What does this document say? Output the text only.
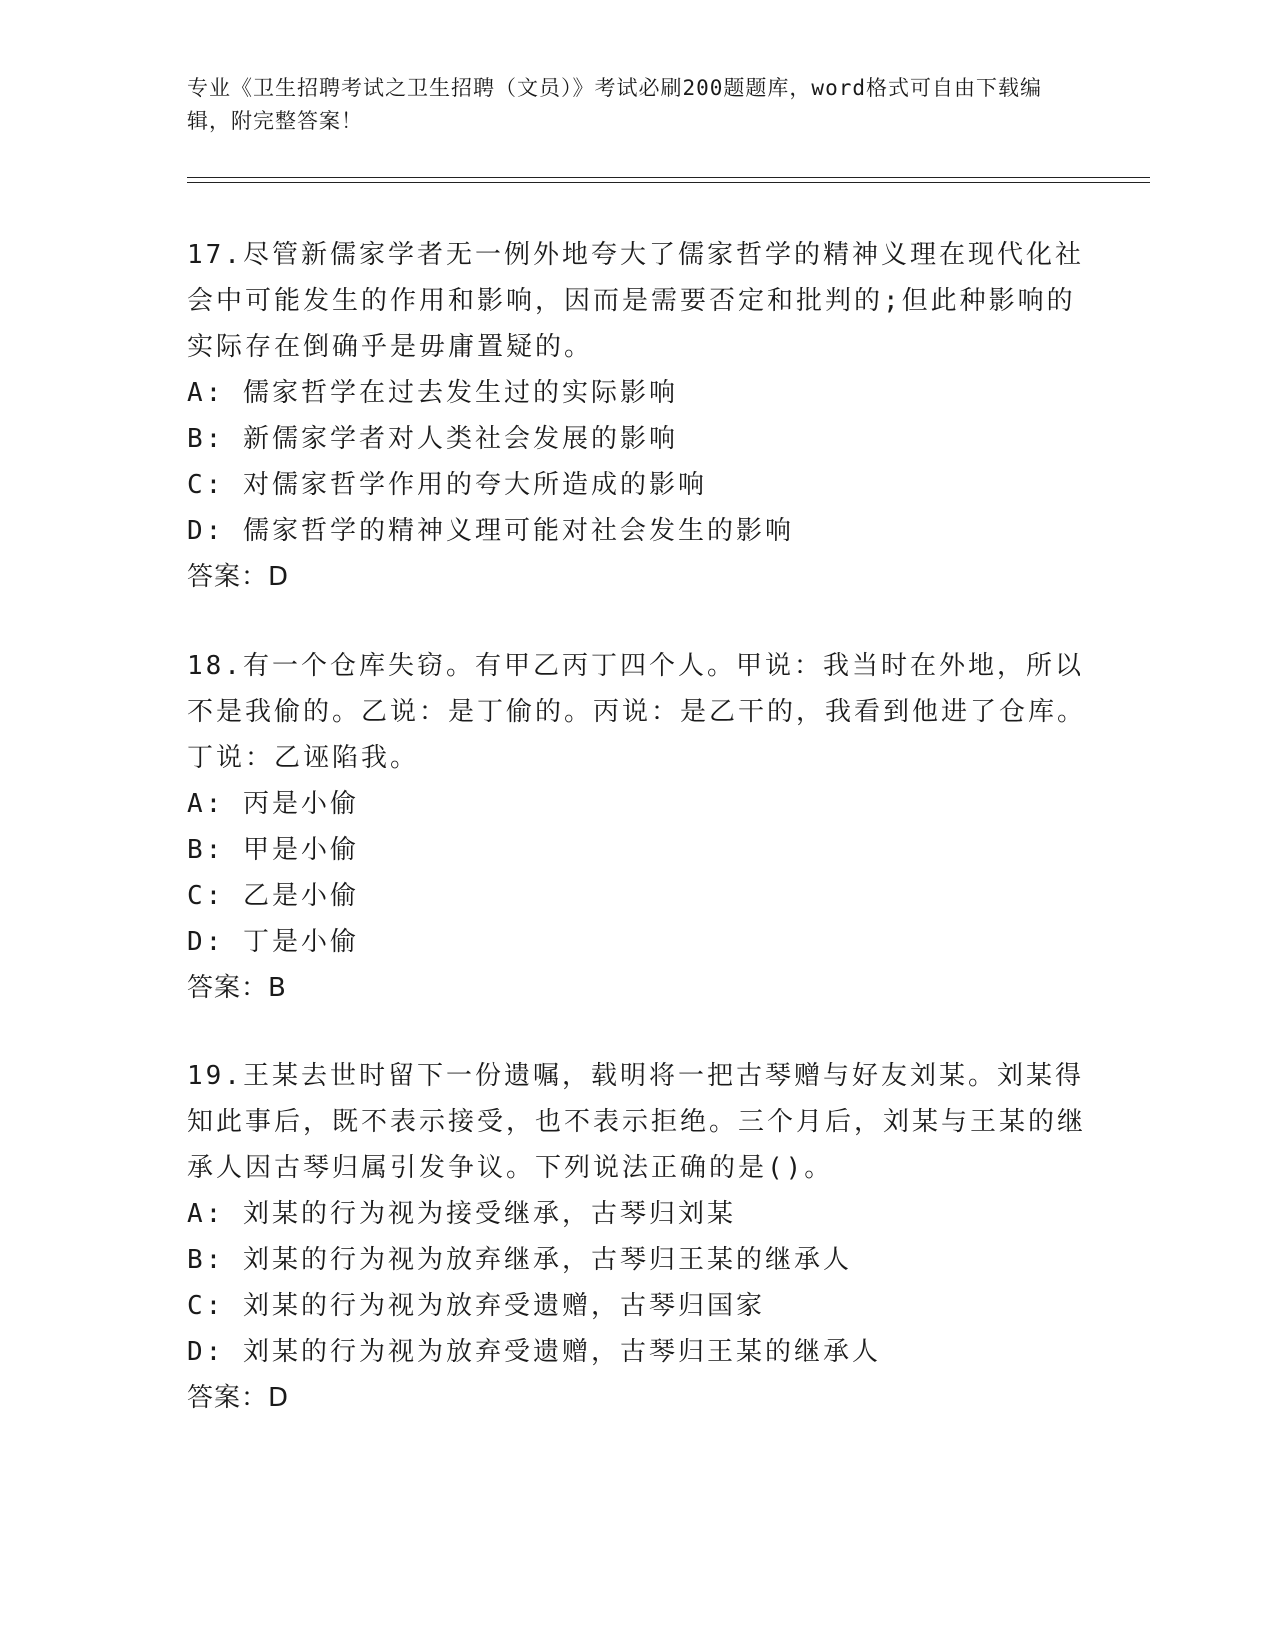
专业《卫生招聘考试之卫生招聘（文员）》考试必刷200题题库，word格式可自由下载编辑，附完整答案！

17.尽管新儒家学者无一例外地夸大了儒家哲学的精神义理在现代化社会中可能发生的作用和影响，因而是需要否定和批判的;但此种影响的实际存在倒确乎是毋庸置疑的。

A: 儒家哲学在过去发生过的实际影响

B: 新儒家学者对人类社会发展的影响

C: 对儒家哲学作用的夸大所造成的影响

D: 儒家哲学的精神义理可能对社会发生的影响

答案：D

18.有一个仓库失窃。有甲乙丙丁四个人。甲说：我当时在外地，所以不是我偷的。乙说：是丁偷的。丙说：是乙干的，我看到他进了仓库。丁说：乙诬陷我。

A: 丙是小偷

B: 甲是小偷

C: 乙是小偷

D: 丁是小偷

答案：B

19.王某去世时留下一份遗嘱，载明将一把古琴赠与好友刘某。刘某得知此事后，既不表示接受，也不表示拒绝。三个月后，刘某与王某的继承人因古琴归属引发争议。下列说法正确的是()。

A: 刘某的行为视为接受继承，古琴归刘某

B: 刘某的行为视为放弃继承，古琴归王某的继承人

C: 刘某的行为视为放弃受遗赠，古琴归国家

D: 刘某的行为视为放弃受遗赠，古琴归王某的继承人

答案：D
